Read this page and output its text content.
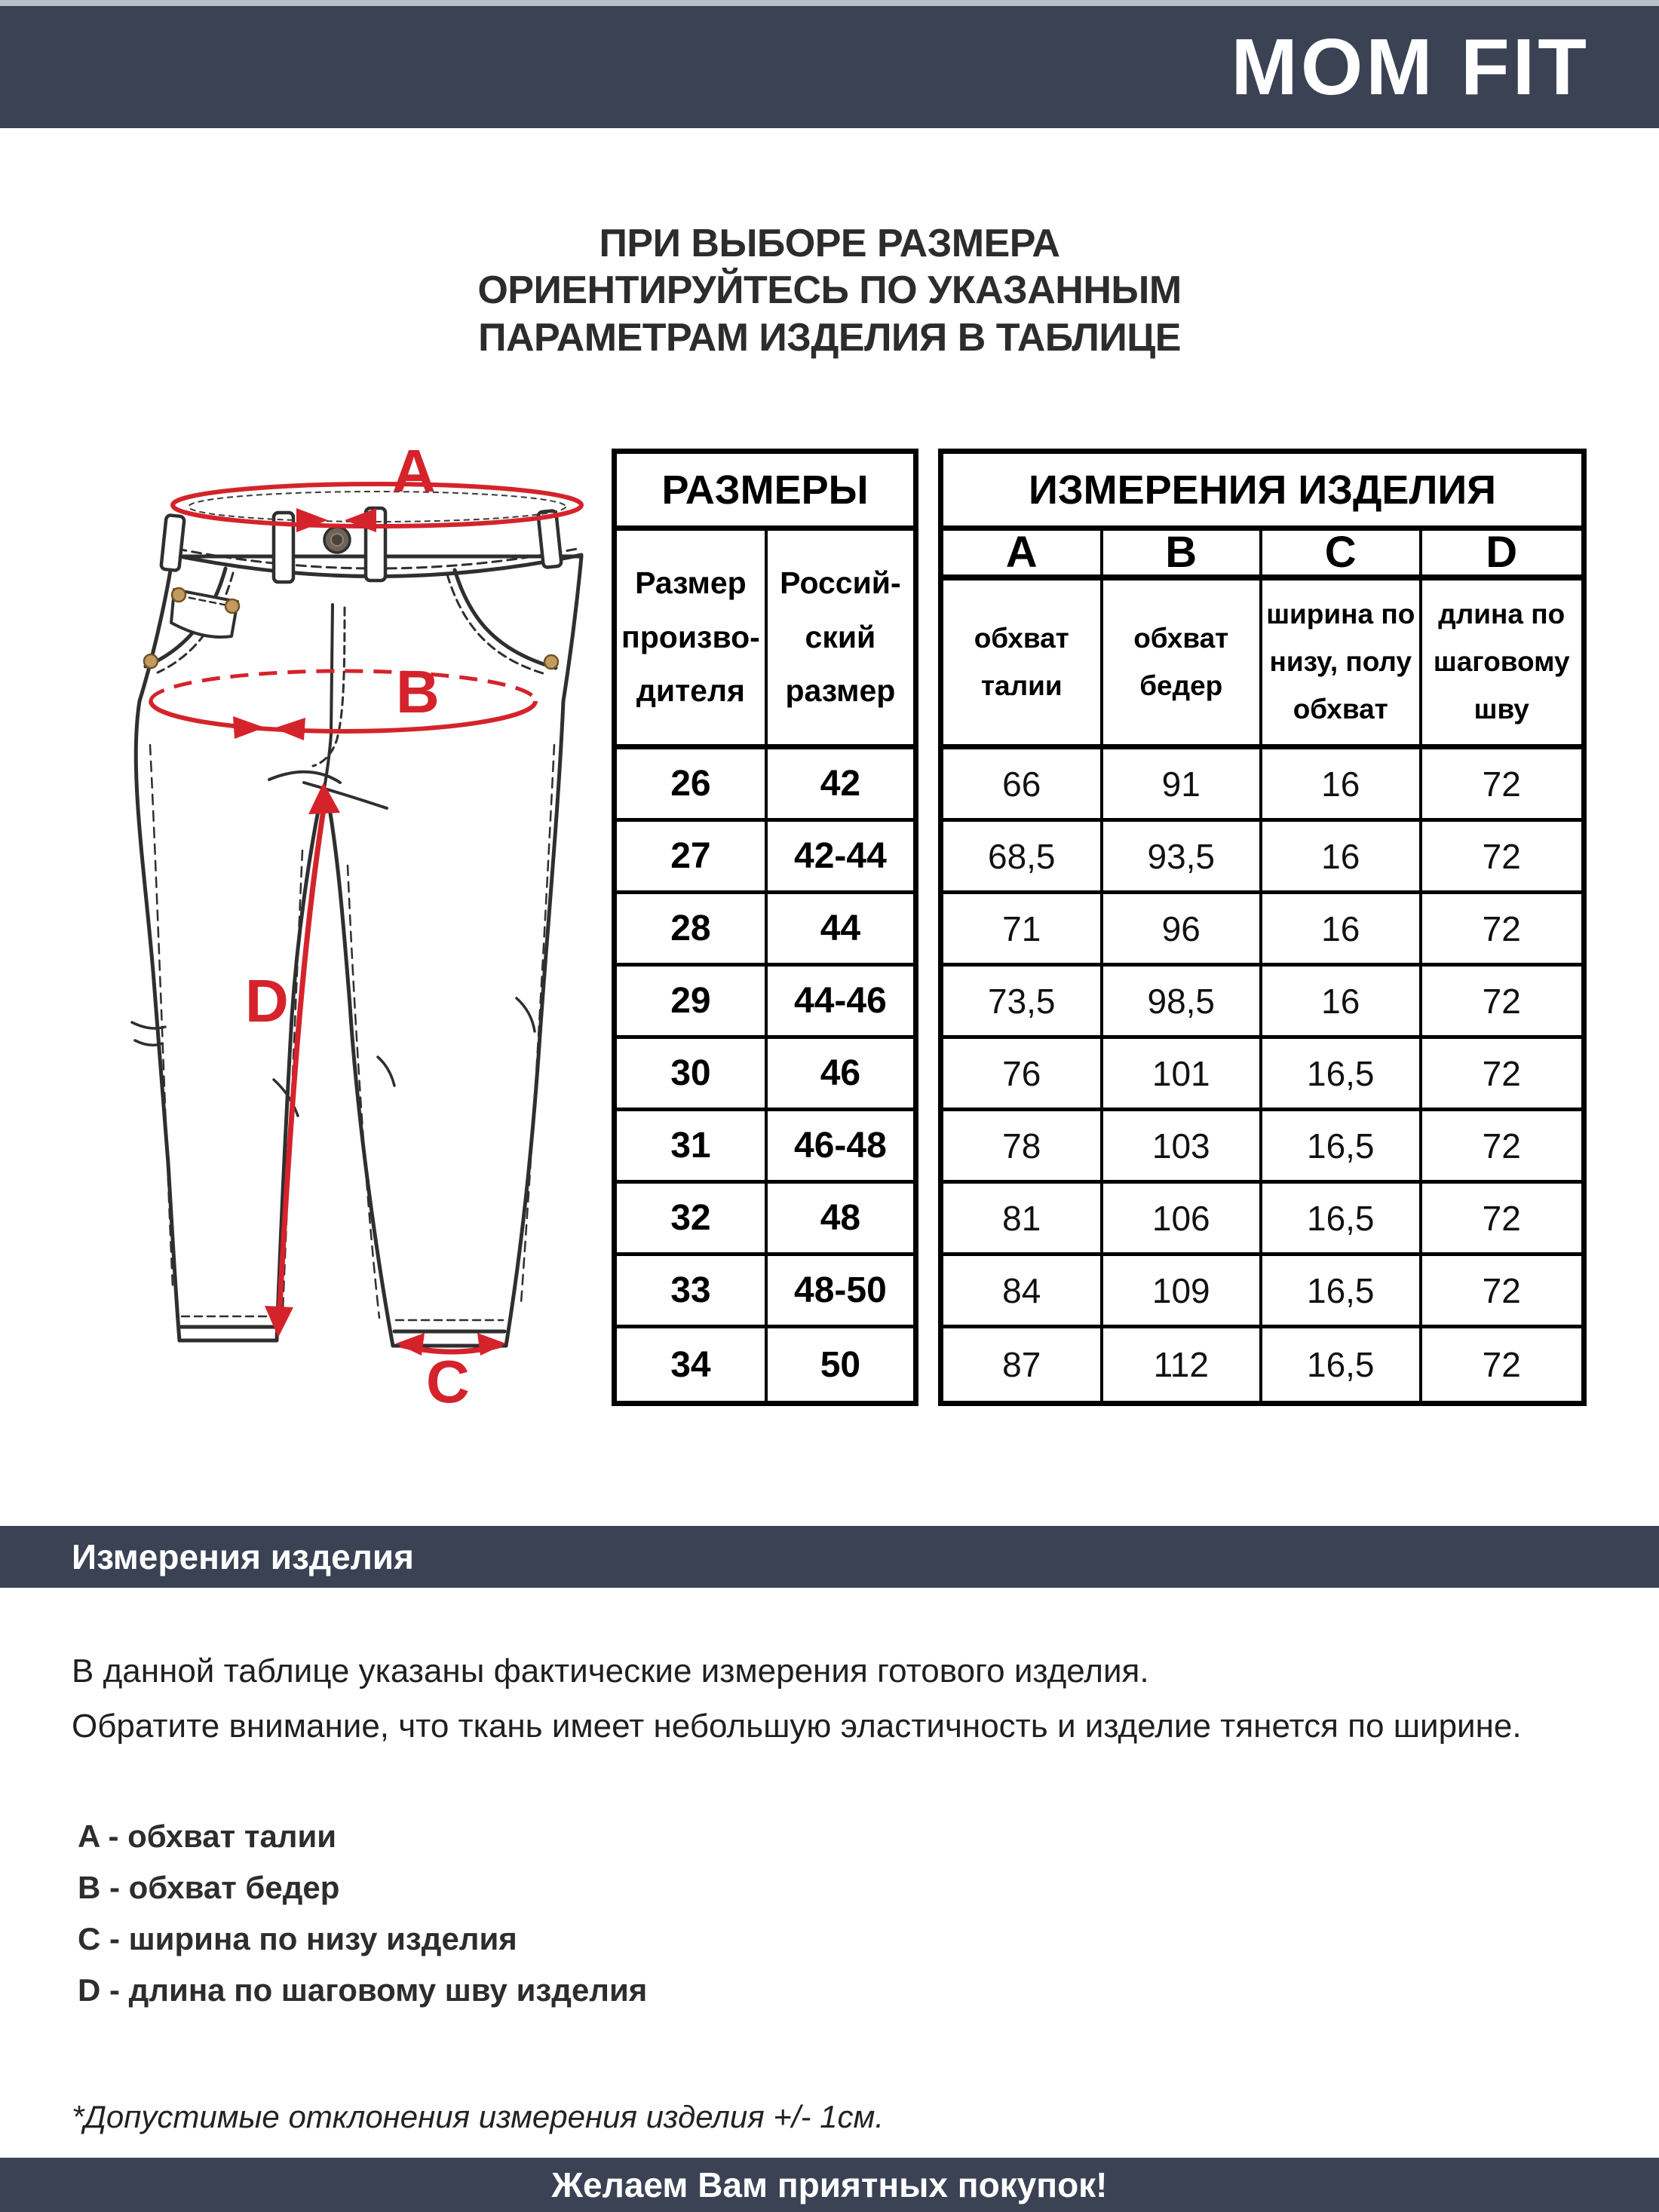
MOM FIT
ПРИ ВЫБОРЕ РАЗМЕРА
ОРИЕНТИРУЙТЕСЬ ПО УКАЗАННЫМ
ПАРАМЕТРАМ ИЗДЕЛИЯ В ТАБЛИЦЕ
A
B
D
C
РАЗМЕРЫ
Размер произво- дителя
Россий- ский размер
26	42
27	42-44
28	44
29	44-46
30	46
31	46-48
32	48
33	48-50
34	50
ИЗМЕРЕНИЯ ИЗДЕЛИЯ
A	B	C	D
обхват талии
обхват бедер
ширина по низу, полу обхват
длина по шаговому шву
66	91	16	72
68,5	93,5	16	72
71	96	16	72
73,5	98,5	16	72
76	101	16,5	72
78	103	16,5	72
81	106	16,5	72
84	109	16,5	72
87	112	16,5	72
Измерения изделия

В данной таблице указаны фактические измерения готового изделия.

Обратите внимание, что ткань имеет небольшую эластичность и изделие тянется по ширине.

A - обхват талии
B - обхват бедер
C - ширина по низу изделия
D - длина по шаговому шву изделия

*Допустимые отклонения измерения изделия +/- 1см.

Желаем Вам приятных покупок!
